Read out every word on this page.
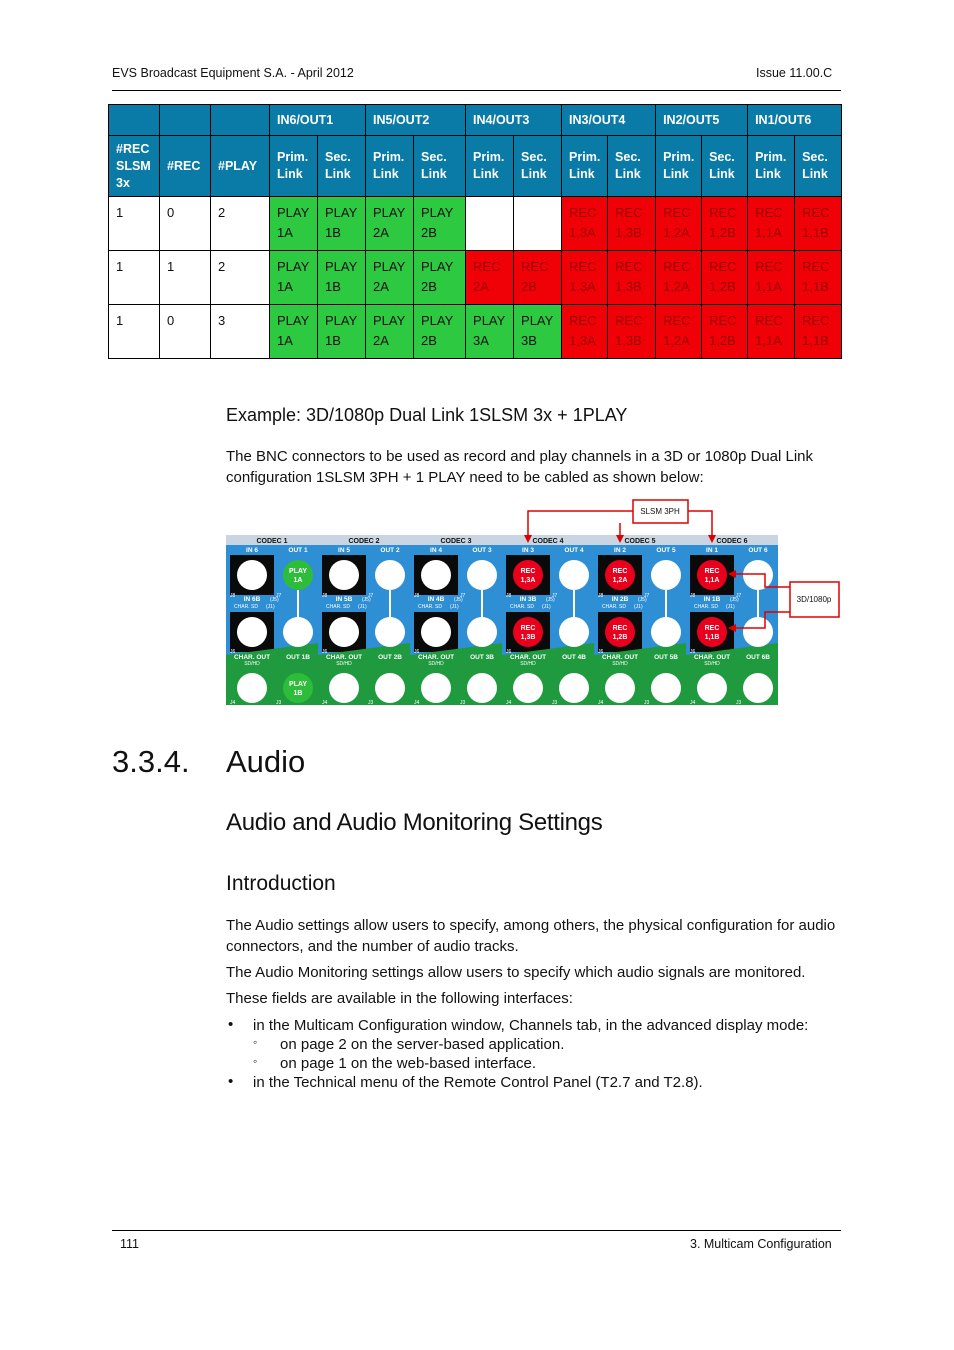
EVS Broadcast Equipment S.A. - April 2012	Issue 11.00.C
			IN6/OUT1		IN5/OUT2		IN4/OUT3		IN3/OUT4		IN2/OUT5		IN1/OUT6	
#REC SLSM 3x	#REC	#PLAY	Prim. Link	Sec. Link	Prim. Link	Sec. Link	Prim. Link	Sec. Link	Prim. Link	Sec. Link	Prim. Link	Sec. Link	Prim. Link	Sec. Link
1	0	2	PLAY 1A	PLAY 1B	PLAY 2A	PLAY 2B			REC 1,3A	REC 1,3B	REC 1,2A	REC 1,2B	REC 1,1A	REC 1,1B
1	1	2	PLAY 1A	PLAY 1B	PLAY 2A	PLAY 2B	REC 2A	REC 2B	REC 1,3A	REC 1,3B	REC 1,2A	REC 1,2B	REC 1,1A	REC 1,1B
1	0	3	PLAY 1A	PLAY 1B	PLAY 2A	PLAY 2B	PLAY 3A	PLAY 3B	REC 1,3A	REC 1,3B	REC 1,2A	REC 1,2B	REC 1,1A	REC 1,1B
Example: 3D/1080p Dual Link 1SLSM 3x + 1PLAY

The BNC connectors to be used as record and play channels in a 3D or 1080p Dual Link configuration 1SLSM 3PH + 1 PLAY need to be cabled as shown below:

CODEC 1
IN 6	OUT 1
J8	J7
IN 6B (J5)
CHAR. SD (J1)
CHAR. OUT
SD/HD
OUT 1B
J6
J4	J3
PLAY
1A
PLAY
1B
CODEC 2
IN 5	OUT 2
J8	J7
IN 5B (J5)
CHAR. SD (J1)
CHAR. OUT
SD/HD
OUT 2B
J6
J4	J3
CODEC 3
IN 4	OUT 3
J8	J7
IN 4B (J5)
CHAR. SD (J1)
CHAR. OUT
SD/HD
OUT 3B
J6
J4	J3
CODEC 4
IN 3	OUT 4
J8	J7
IN 3B (J5)
CHAR. SD (J1)
CHAR. OUT
SD/HD
OUT 4B
J6
J4	J3
REC
1,3A
REC
1,3B
CODEC 5
IN 2	OUT 5
J8	J7
IN 2B (J5)
CHAR. SD (J1)
CHAR. OUT
SD/HD
OUT 5B
J6
J4	J3
REC
1,2A
REC
1,2B
CODEC 6
IN 1	OUT 6
J8	J7
IN 1B (J5)
CHAR. SD (J1)
CHAR. OUT
SD/HD
OUT 6B
J6
J4	J3
REC
1,1A
REC
1,1B
SLSM 3PH
3D/1080p
3.3.4. Audio
Audio and Audio Monitoring Settings
Introduction

The Audio settings allow users to specify, among others, the physical configuration for audio connectors, and the number of audio tracks.

The Audio Monitoring settings allow users to specify which audio signals are monitored.

These fields are available in the following interfaces:

• in the Multicam Configuration window, Channels tab, in the advanced display mode:
◦ on page 2 on the server-based application.
◦ on page 1 on the web-based interface.
• in the Technical menu of the Remote Control Panel (T2.7 and T2.8).
111	3. Multicam Configuration
